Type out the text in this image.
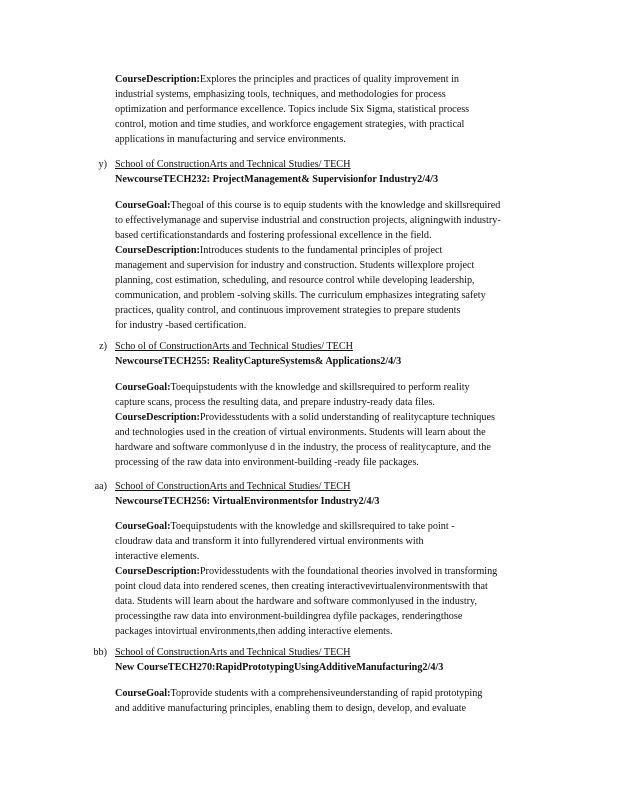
CourseDescription:Explores the principles and practices of quality improvement in
industrial systems, emphasizing tools, techniques, and methodologies for process
optimization and performance excellence. Topics include Six Sigma, statistical process
control, motion and time studies, and workforce engagement strategies, with practical
applications in manufacturing and service environments.
y) School of ConstructionArts and Technical Studies/ TECH
NewcourseTECH232: ProjectManagement& Supervisionfor Industry2/4/3
CourseGoal:Thegoal of this course is to equip students with the knowledge and skillsrequired
to effectivelymanage and supervise industrial and construction projects, aligningwith industry-
based certificationstandards and fostering professional excellence in the field.
CourseDescription:Introduces students to the fundamental principles of project
management and supervision for industry and construction. Students willexplore project
planning, cost estimation, scheduling, and resource control while developing leadership,
communication, and problem -solving skills. The curriculum emphasizes integrating safety
practices, quality control, and continuous improvement strategies to prepare students
for industry -based certification.
z) Scho ol of ConstructionArts and Technical Studies/ TECH
NewcourseTECH255: RealityCaptureSystems& Applications2/4/3
CourseGoal:Toequipstudents with the knowledge and skillsrequired to perform reality
capture scans, process the resulting data, and prepare industry-ready data files.
CourseDescription:Providesstudents with a solid understanding of realitycapture techniques
and technologies used in the creation of virtual environments. Students will learn about the
hardware and software commonlyuse d in the industry, the process of realitycapture, and the
processing of the raw data into environment-building -ready file packages.
aa) School of ConstructionArts and Technical Studies/ TECH
NewcourseTECH256: VirtualEnvironmentsfor Industry2/4/3
CourseGoal:Toequipstudents with the knowledge and skillsrequired to take point -
cloudraw data and transform it into fullyrendered virtual environments with
interactive elements.
CourseDescription:Providesstudents with the foundational theories involved in transforming
point cloud data into rendered scenes, then creating interactivevirtualenvironmentswith that
data. Students will learn about the hardware and software commonlyused in the industry,
processingthe raw data into environment-buildingrea dyfile packages, renderingthose
packages intovirtual environments,then adding interactive elements.
bb) School of ConstructionArts and Technical Studies/ TECH
New CourseTECH270:RapidPrototypingUsingAdditiveManufacturing2/4/3
CourseGoal:Toprovide students with a comprehensiveunderstanding of rapid prototyping
and additive manufacturing principles, enabling them to design, develop, and evaluate
